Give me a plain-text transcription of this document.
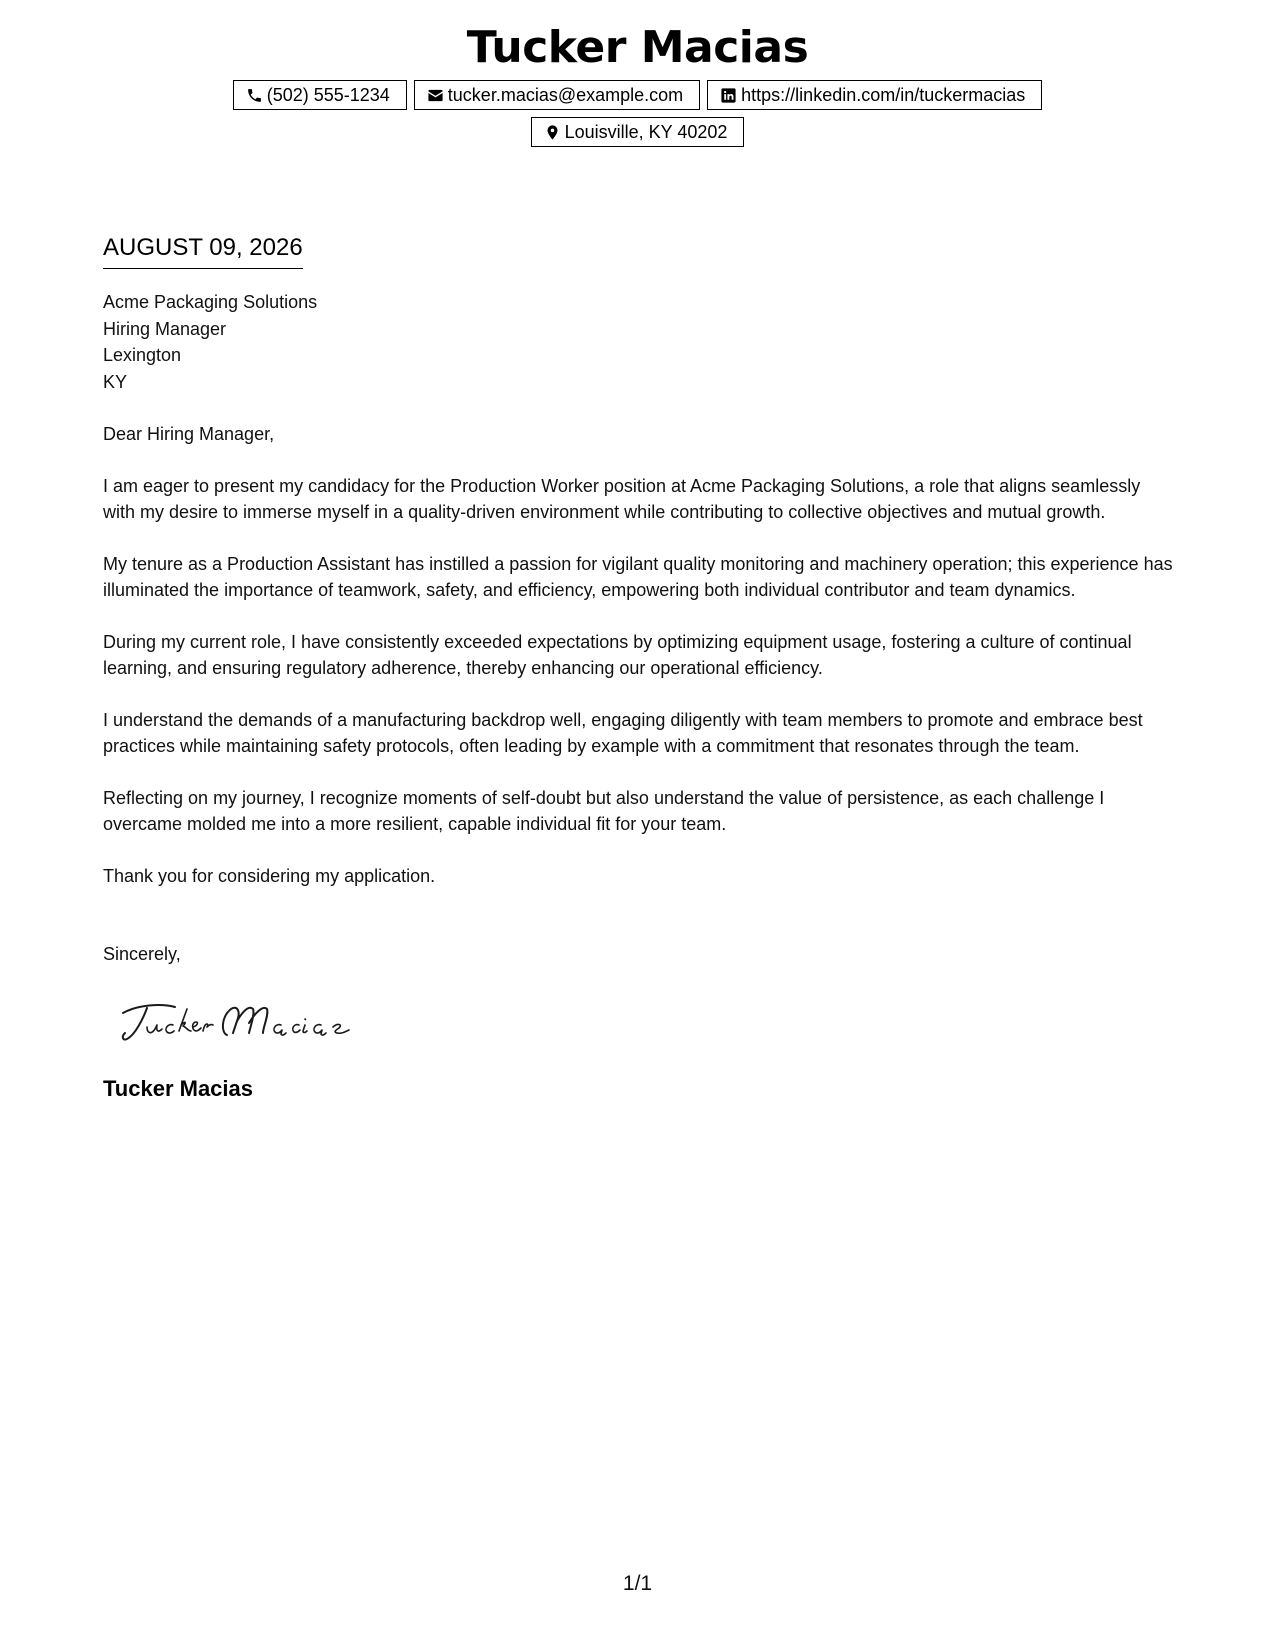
Tucker Macias
(502) 555-1234	tucker.macias@example.com	https://linkedin.com/in/tuckermacias
Louisville, KY 40202
AUGUST 09, 2026
Acme Packaging Solutions
Hiring Manager
Lexington
KY
Dear Hiring Manager,
I am eager to present my candidacy for the Production Worker position at Acme Packaging Solutions, a role that aligns seamlessly with my desire to immerse myself in a quality-driven environment while contributing to collective objectives and mutual growth.
My tenure as a Production Assistant has instilled a passion for vigilant quality monitoring and machinery operation; this experience has illuminated the importance of teamwork, safety, and efficiency, empowering both individual contributor and team dynamics.
During my current role, I have consistently exceeded expectations by optimizing equipment usage, fostering a culture of continual learning, and ensuring regulatory adherence, thereby enhancing our operational efficiency.
I understand the demands of a manufacturing backdrop well, engaging diligently with team members to promote and embrace best practices while maintaining safety protocols, often leading by example with a commitment that resonates through the team.
Reflecting on my journey, I recognize moments of self-doubt but also understand the value of persistence, as each challenge I overcame molded me into a more resilient, capable individual fit for your team.
Thank you for considering my application.
Sincerely,
Tucker Macias
1/1
